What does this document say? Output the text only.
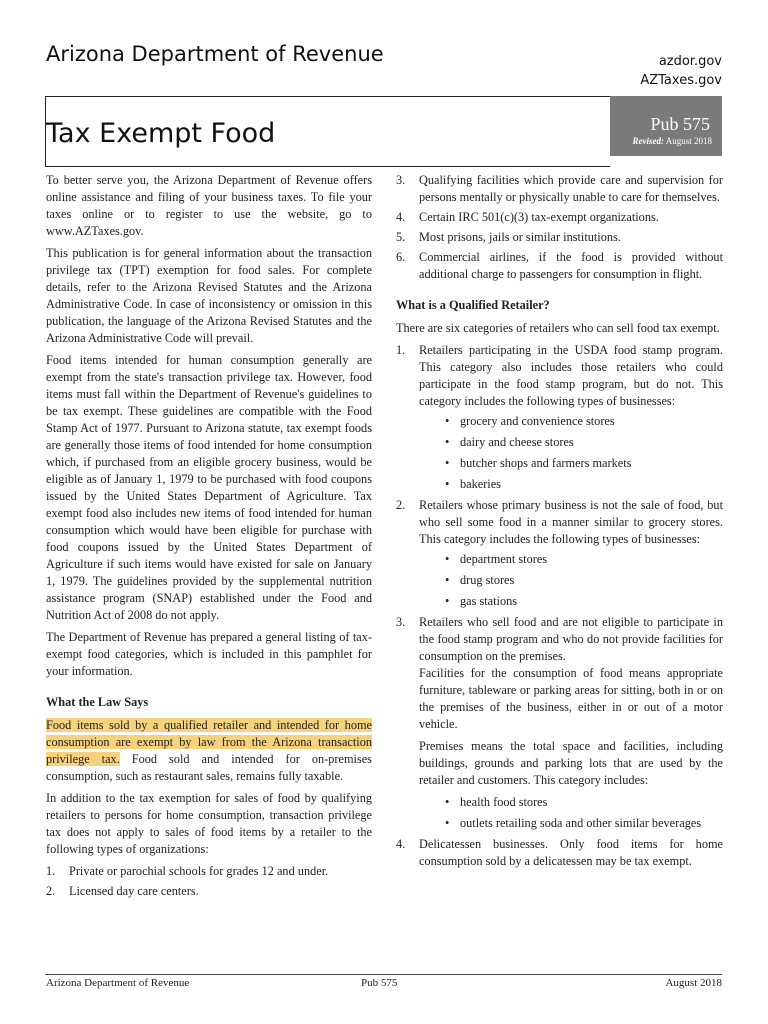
Arizona Department of Revenue	azdor.gov
AZTaxes.gov
Tax Exempt Food	Pub 575
Revised: August 2018

To better serve you, the Arizona Department of Revenue offers online assistance and filing of your business taxes. To file your taxes online or to register to use the website, go to www.AZTaxes.gov.

This publication is for general information about the transaction privilege tax (TPT) exemption for food sales. For complete details, refer to the Arizona Revised Statutes and the Arizona Administrative Code. In case of inconsistency or omission in this publication, the language of the Arizona Revised Statutes and the Arizona Administrative Code will prevail.

Food items intended for human consumption generally are exempt from the state's transaction privilege tax. However, food items must fall within the Department of Revenue's guidelines to be tax exempt. These guidelines are compatible with the Food Stamp Act of 1977. Pursuant to Arizona statute, tax exempt foods are generally those items of food intended for home consumption which, if purchased from an eligible grocery business, would be eligible as of January 1, 1979 to be purchased with food coupons issued by the United States Department of Agriculture. Tax exempt food also includes new items of food intended for human consumption which would have been eligible for purchase with food coupons issued by the United States Department of Agriculture if such items would have existed for sale on January 1, 1979. The guidelines provided by the supplemental nutrition assistance program (SNAP) established under the Food and Nutrition Act of 2008 do not apply.

The Department of Revenue has prepared a general listing of tax-exempt food categories, which is included in this pamphlet for your information.

What the Law Says

Food items sold by a qualified retailer and intended for home consumption are exempt by law from the Arizona transaction privilege tax. Food sold and intended for on-premises consumption, such as restaurant sales, remains fully taxable.

In addition to the tax exemption for sales of food by qualifying retailers to persons for home consumption, transaction privilege tax does not apply to sales of food items by a retailer to the following types of organizations:

1. Private or parochial schools for grades 12 and under.
2. Licensed day care centers.
3. Qualifying facilities which provide care and supervision for persons mentally or physically unable to care for themselves.
4. Certain IRC 501(c)(3) tax-exempt organizations.
5. Most prisons, jails or similar institutions.
6. Commercial airlines, if the food is provided without additional charge to passengers for consumption in flight.
What is a Qualified Retailer?

There are six categories of retailers who can sell food tax exempt.

1. Retailers participating in the USDA food stamp program. This category also includes those retailers who could participate in the food stamp program, but do not. This category includes the following types of businesses:
• grocery and convenience stores
• dairy and cheese stores
• butcher shops and farmers markets
• bakeries
2. Retailers whose primary business is not the sale of food, but who sell some food in a manner similar to grocery stores. This category includes the following types of businesses:
• department stores
• drug stores
• gas stations
3. Retailers who sell food and are not eligible to participate in the food stamp program and who do not provide facilities for consumption on the premises.

Facilities for the consumption of food means appropriate furniture, tableware or parking areas for sitting, both in or on the premises of the business, either in or out of a motor vehicle.

Premises means the total space and facilities, including buildings, grounds and parking lots that are used by the retailer and customers. This category includes:

• health food stores
• outlets retailing soda and other similar beverages
4. Delicatessen businesses. Only food items for home consumption sold by a delicatessen may be tax exempt.
Arizona Department of Revenue	Pub 575	August 2018
